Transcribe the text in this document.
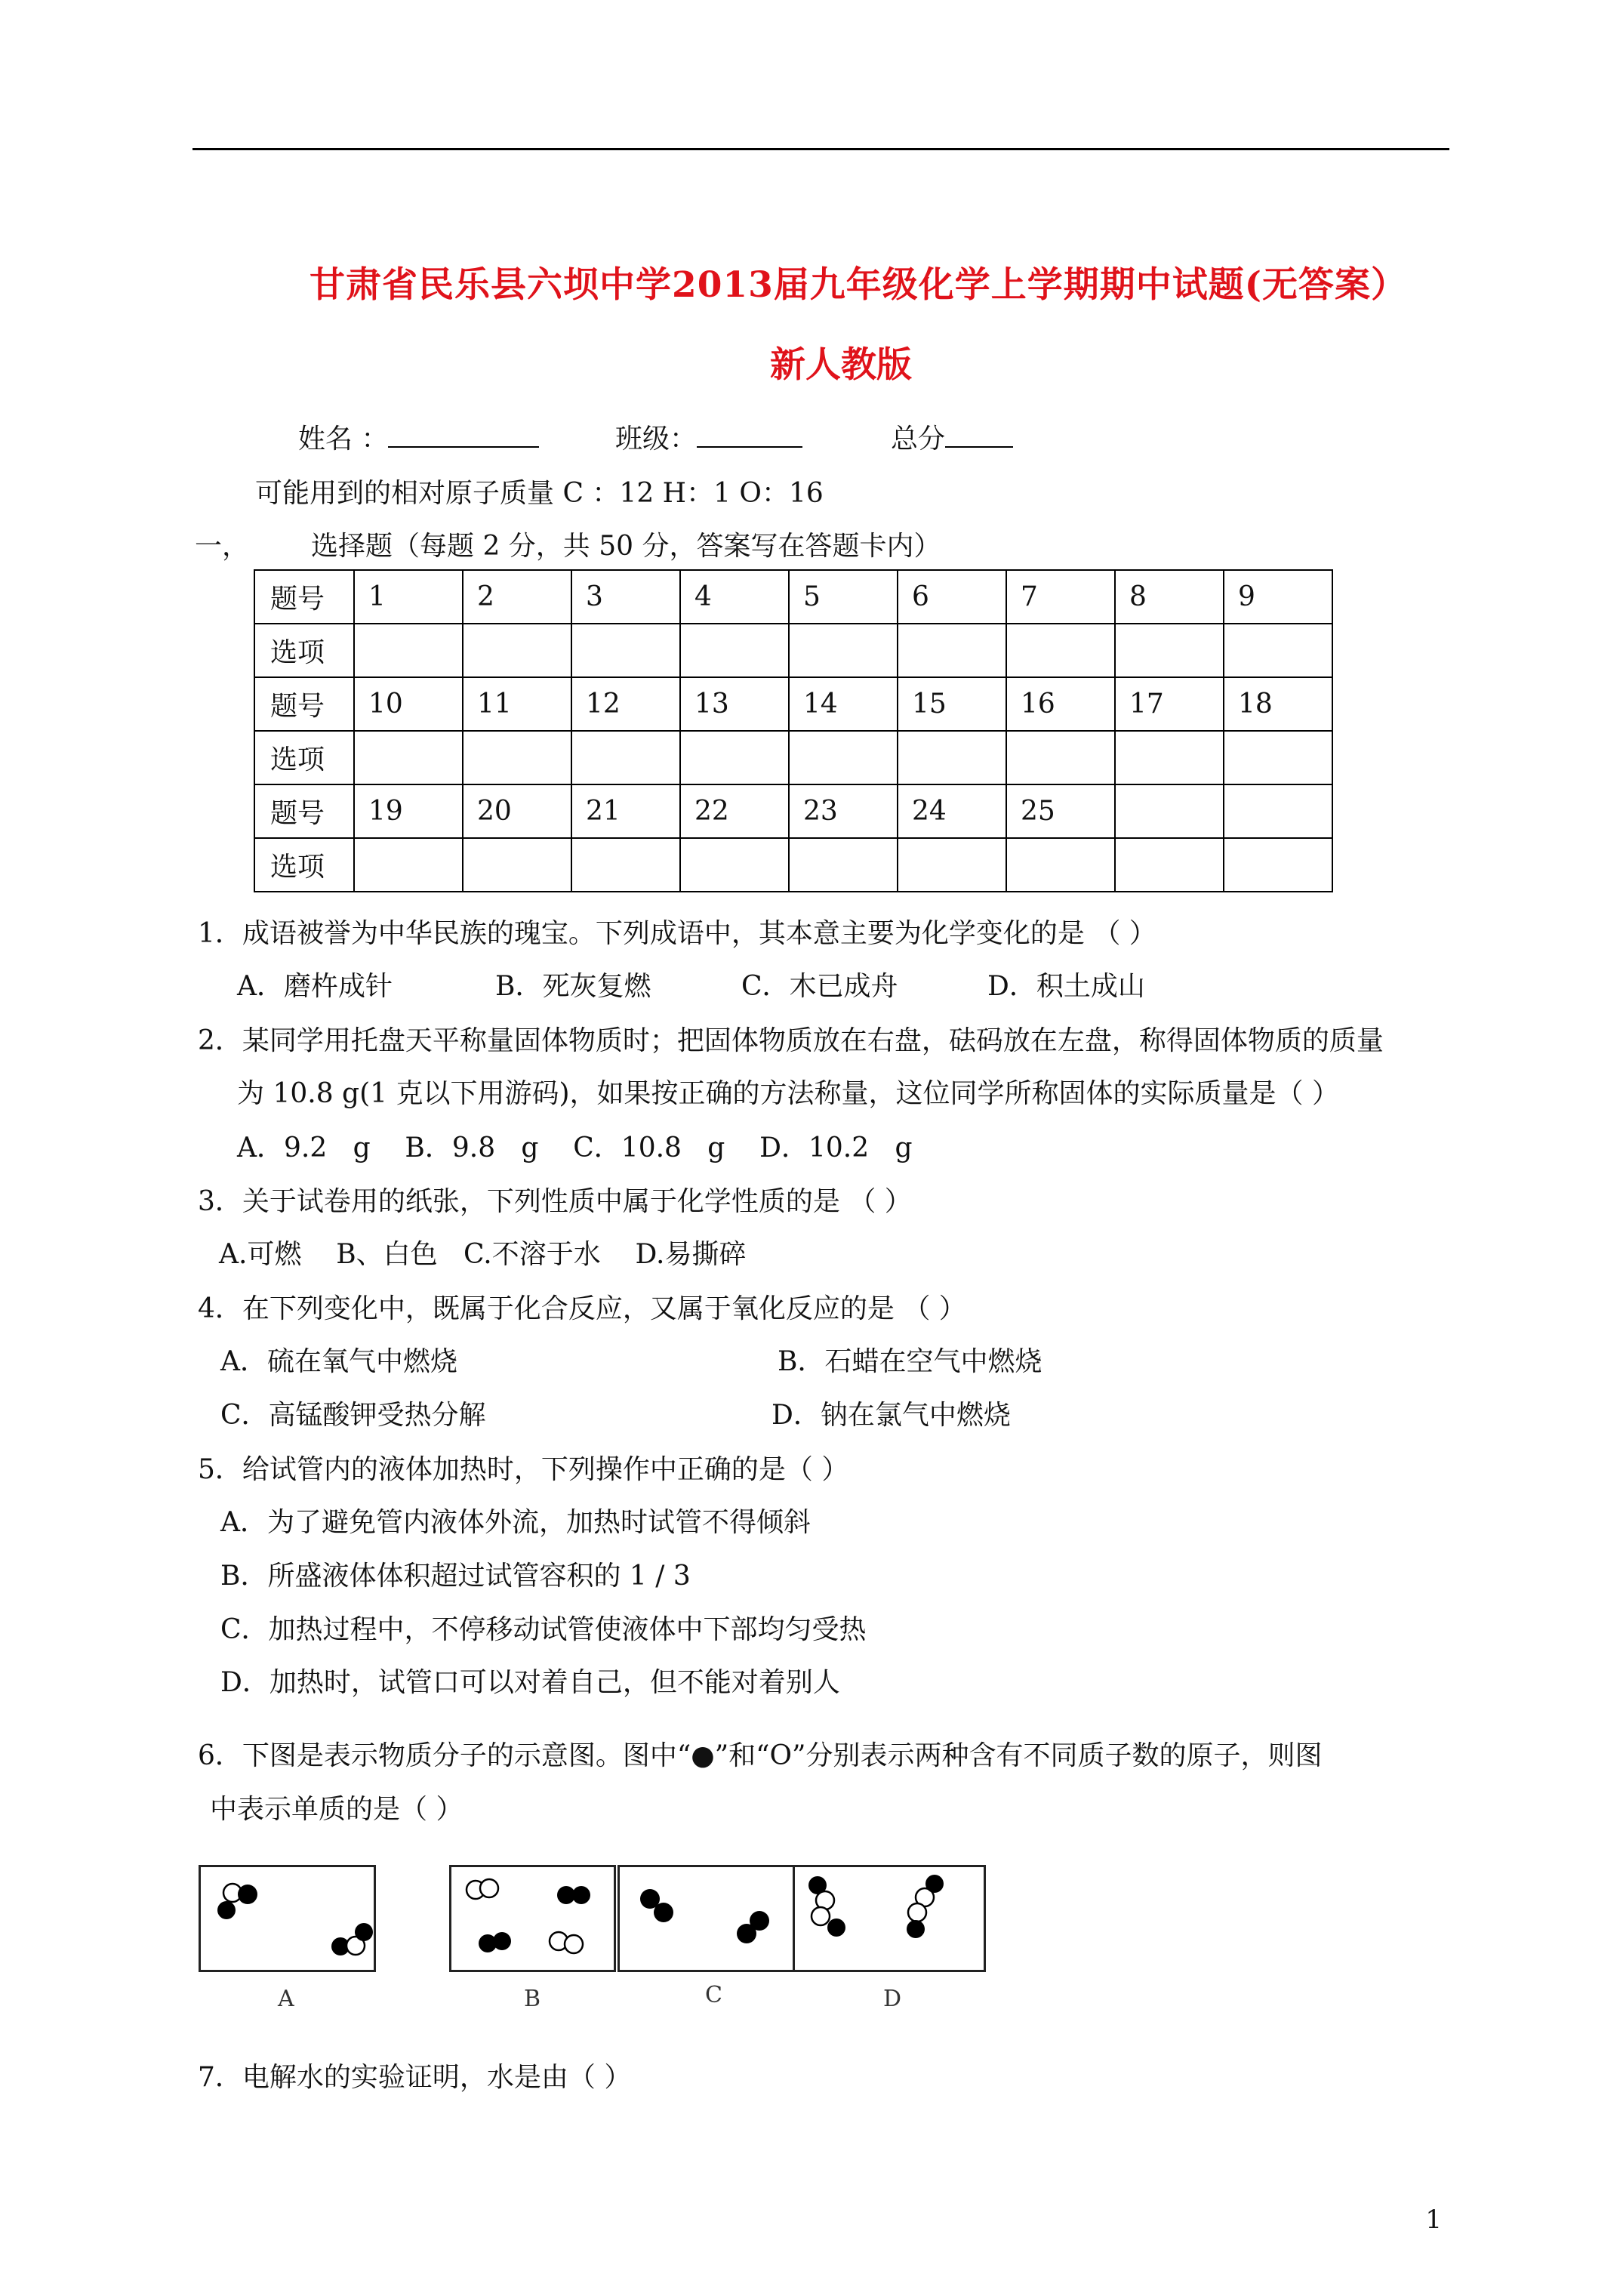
甘肃省民乐县六坝中学2013届九年级化学上学期期中试题(无答案）
新人教版
姓名 ：	班级：	总分
可能用到的相对原子质量 C ：12 H：1 O：16
一， 选择题（每题 2 分，共 50 分，答案写在答题卡内）
题号	1	2	3	4	5	6	7	8	9
选项									
题号	10	11	12	13	14	15	16	17	18
选项									
题号	19	20	21	22	23	24	25		
选项									
1．成语被誉为中华民族的瑰宝。下列成语中，其本意主要为化学变化的是 （ ）
A．磨杵成针	B．死灰复燃	C．木已成舟	D．积土成山
2．某同学用托盘天平称量固体物质时；把固体物质放在右盘，砝码放在左盘，称得固体物质的质量
为 10.8 g(1 克以下用游码)，如果按正确的方法称量，这位同学所称固体的实际质量是（ ）
A．9.2   g    B．9.8   g    C．10.8   g    D．10.2   g
3．关于试卷用的纸张，下列性质中属于化学性质的是 （ ）
A.可燃    B、白色   C.不溶于水    D.易撕碎
4．在下列变化中，既属于化合反应，又属于氧化反应的是 （ ）
A．硫在氧气中燃烧	B．石蜡在空气中燃烧
C．高锰酸钾受热分解	D．钠在氯气中燃烧
5．给试管内的液体加热时，下列操作中正确的是（ ）
A．为了避免管内液体外流，加热时试管不得倾斜
B．所盛液体体积超过试管容积的 1 / 3
C．加热过程中，不停移动试管使液体中下部均匀受热
D．加热时，试管口可以对着自己，但不能对着别人
6．下图是表示物质分子的示意图。图中“●”和“O”分别表示两种含有不同质子数的原子，则图
中表示单质的是（ ）
A	B	C	D
7．电解水的实验证明，水是由（ ）
1
